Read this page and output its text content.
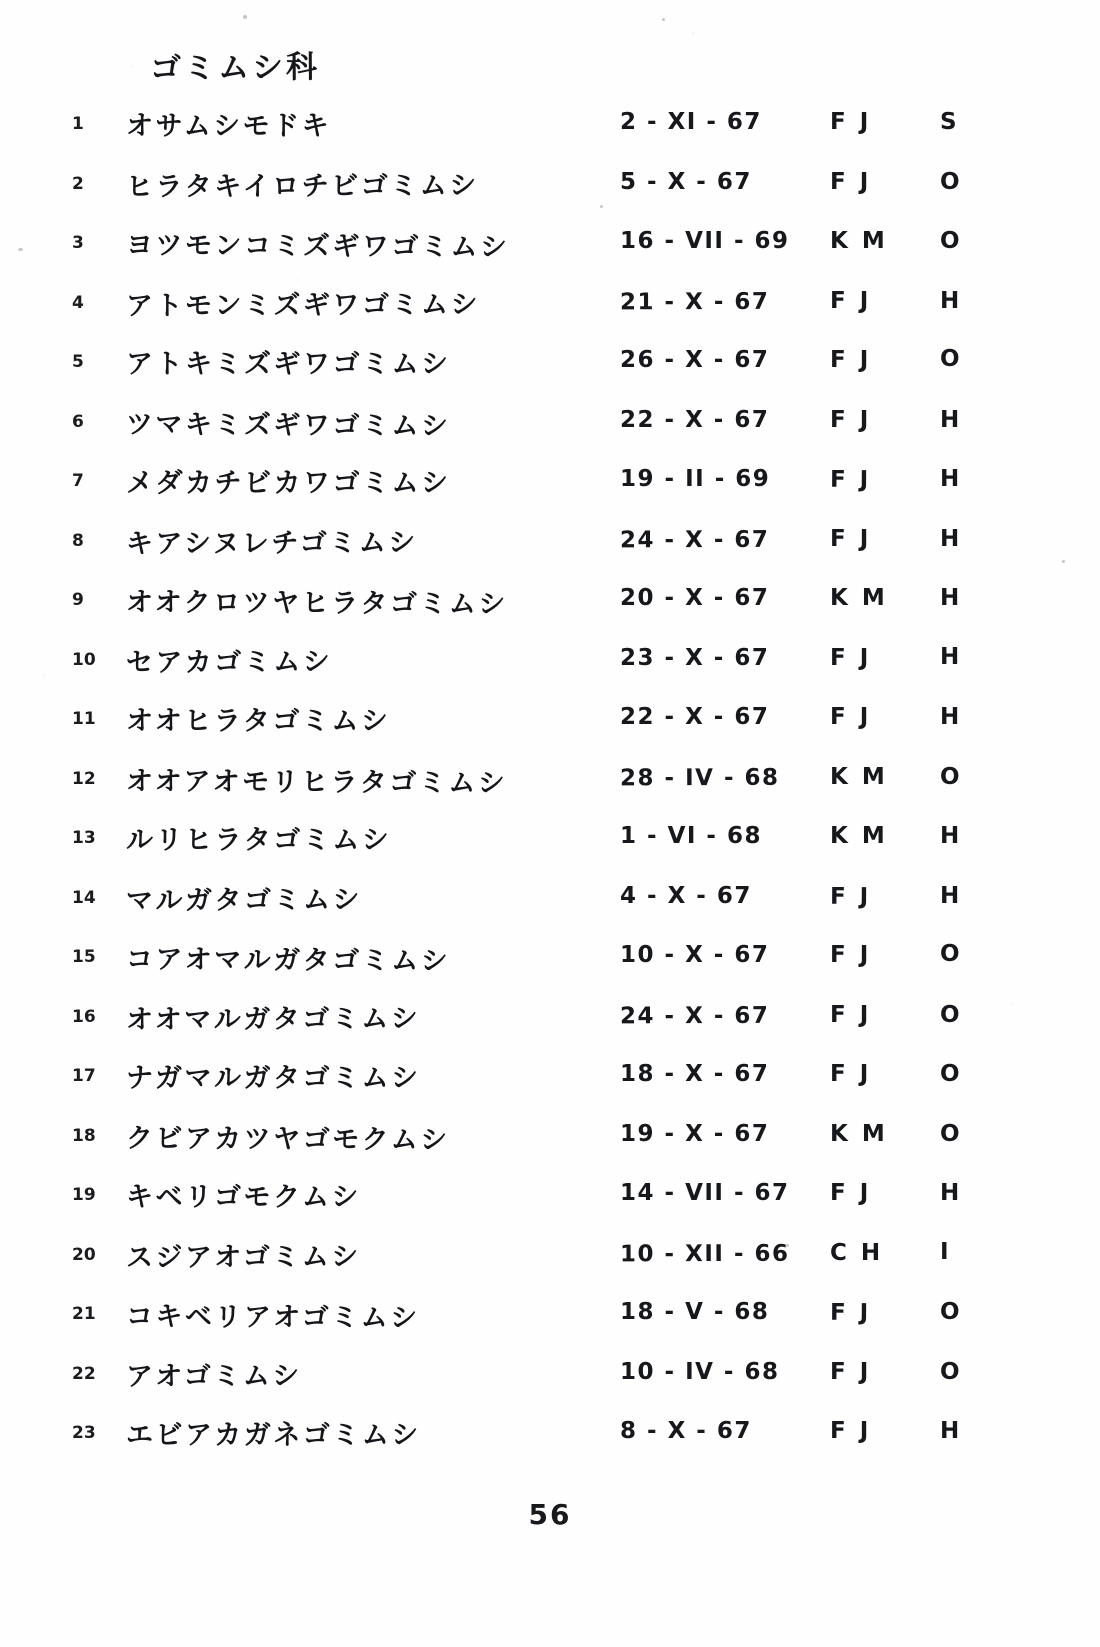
ゴミムシ科
1	オサムシモドキ	2 - XI - 67	F J	S
2	ヒラタキイロチビゴミムシ	5 - X - 67	F J	O
3	ヨツモンコミズギワゴミムシ	16 - VII - 69	K M	O
4	アトモンミズギワゴミムシ	21 - X - 67	F J	H
5	アトキミズギワゴミムシ	26 - X - 67	F J	O
6	ツマキミズギワゴミムシ	22 - X - 67	F J	H
7	メダカチビカワゴミムシ	19 - II - 69	F J	H
8	キアシヌレチゴミムシ	24 - X - 67	F J	H
9	オオクロツヤヒラタゴミムシ	20 - X - 67	K M	H
10	セアカゴミムシ	23 - X - 67	F J	H
11	オオヒラタゴミムシ	22 - X - 67	F J	H
12	オオアオモリヒラタゴミムシ	28 - IV - 68	K M	O
13	ルリヒラタゴミムシ	1 - VI - 68	K M	H
14	マルガタゴミムシ	4 - X - 67	F J	H
15	コアオマルガタゴミムシ	10 - X - 67	F J	O
16	オオマルガタゴミムシ	24 - X - 67	F J	O
17	ナガマルガタゴミムシ	18 - X - 67	F J	O
18	クビアカツヤゴモクムシ	19 - X - 67	K M	O
19	キベリゴモクムシ	14 - VII - 67	F J	H
20	スジアオゴミムシ	10 - XII - 66	C H	I
21	コキベリアオゴミムシ	18 - V - 68	F J	O
22	アオゴミムシ	10 - IV - 68	F J	O
23	エビアカガネゴミムシ	8 - X - 67	F J	H
56
